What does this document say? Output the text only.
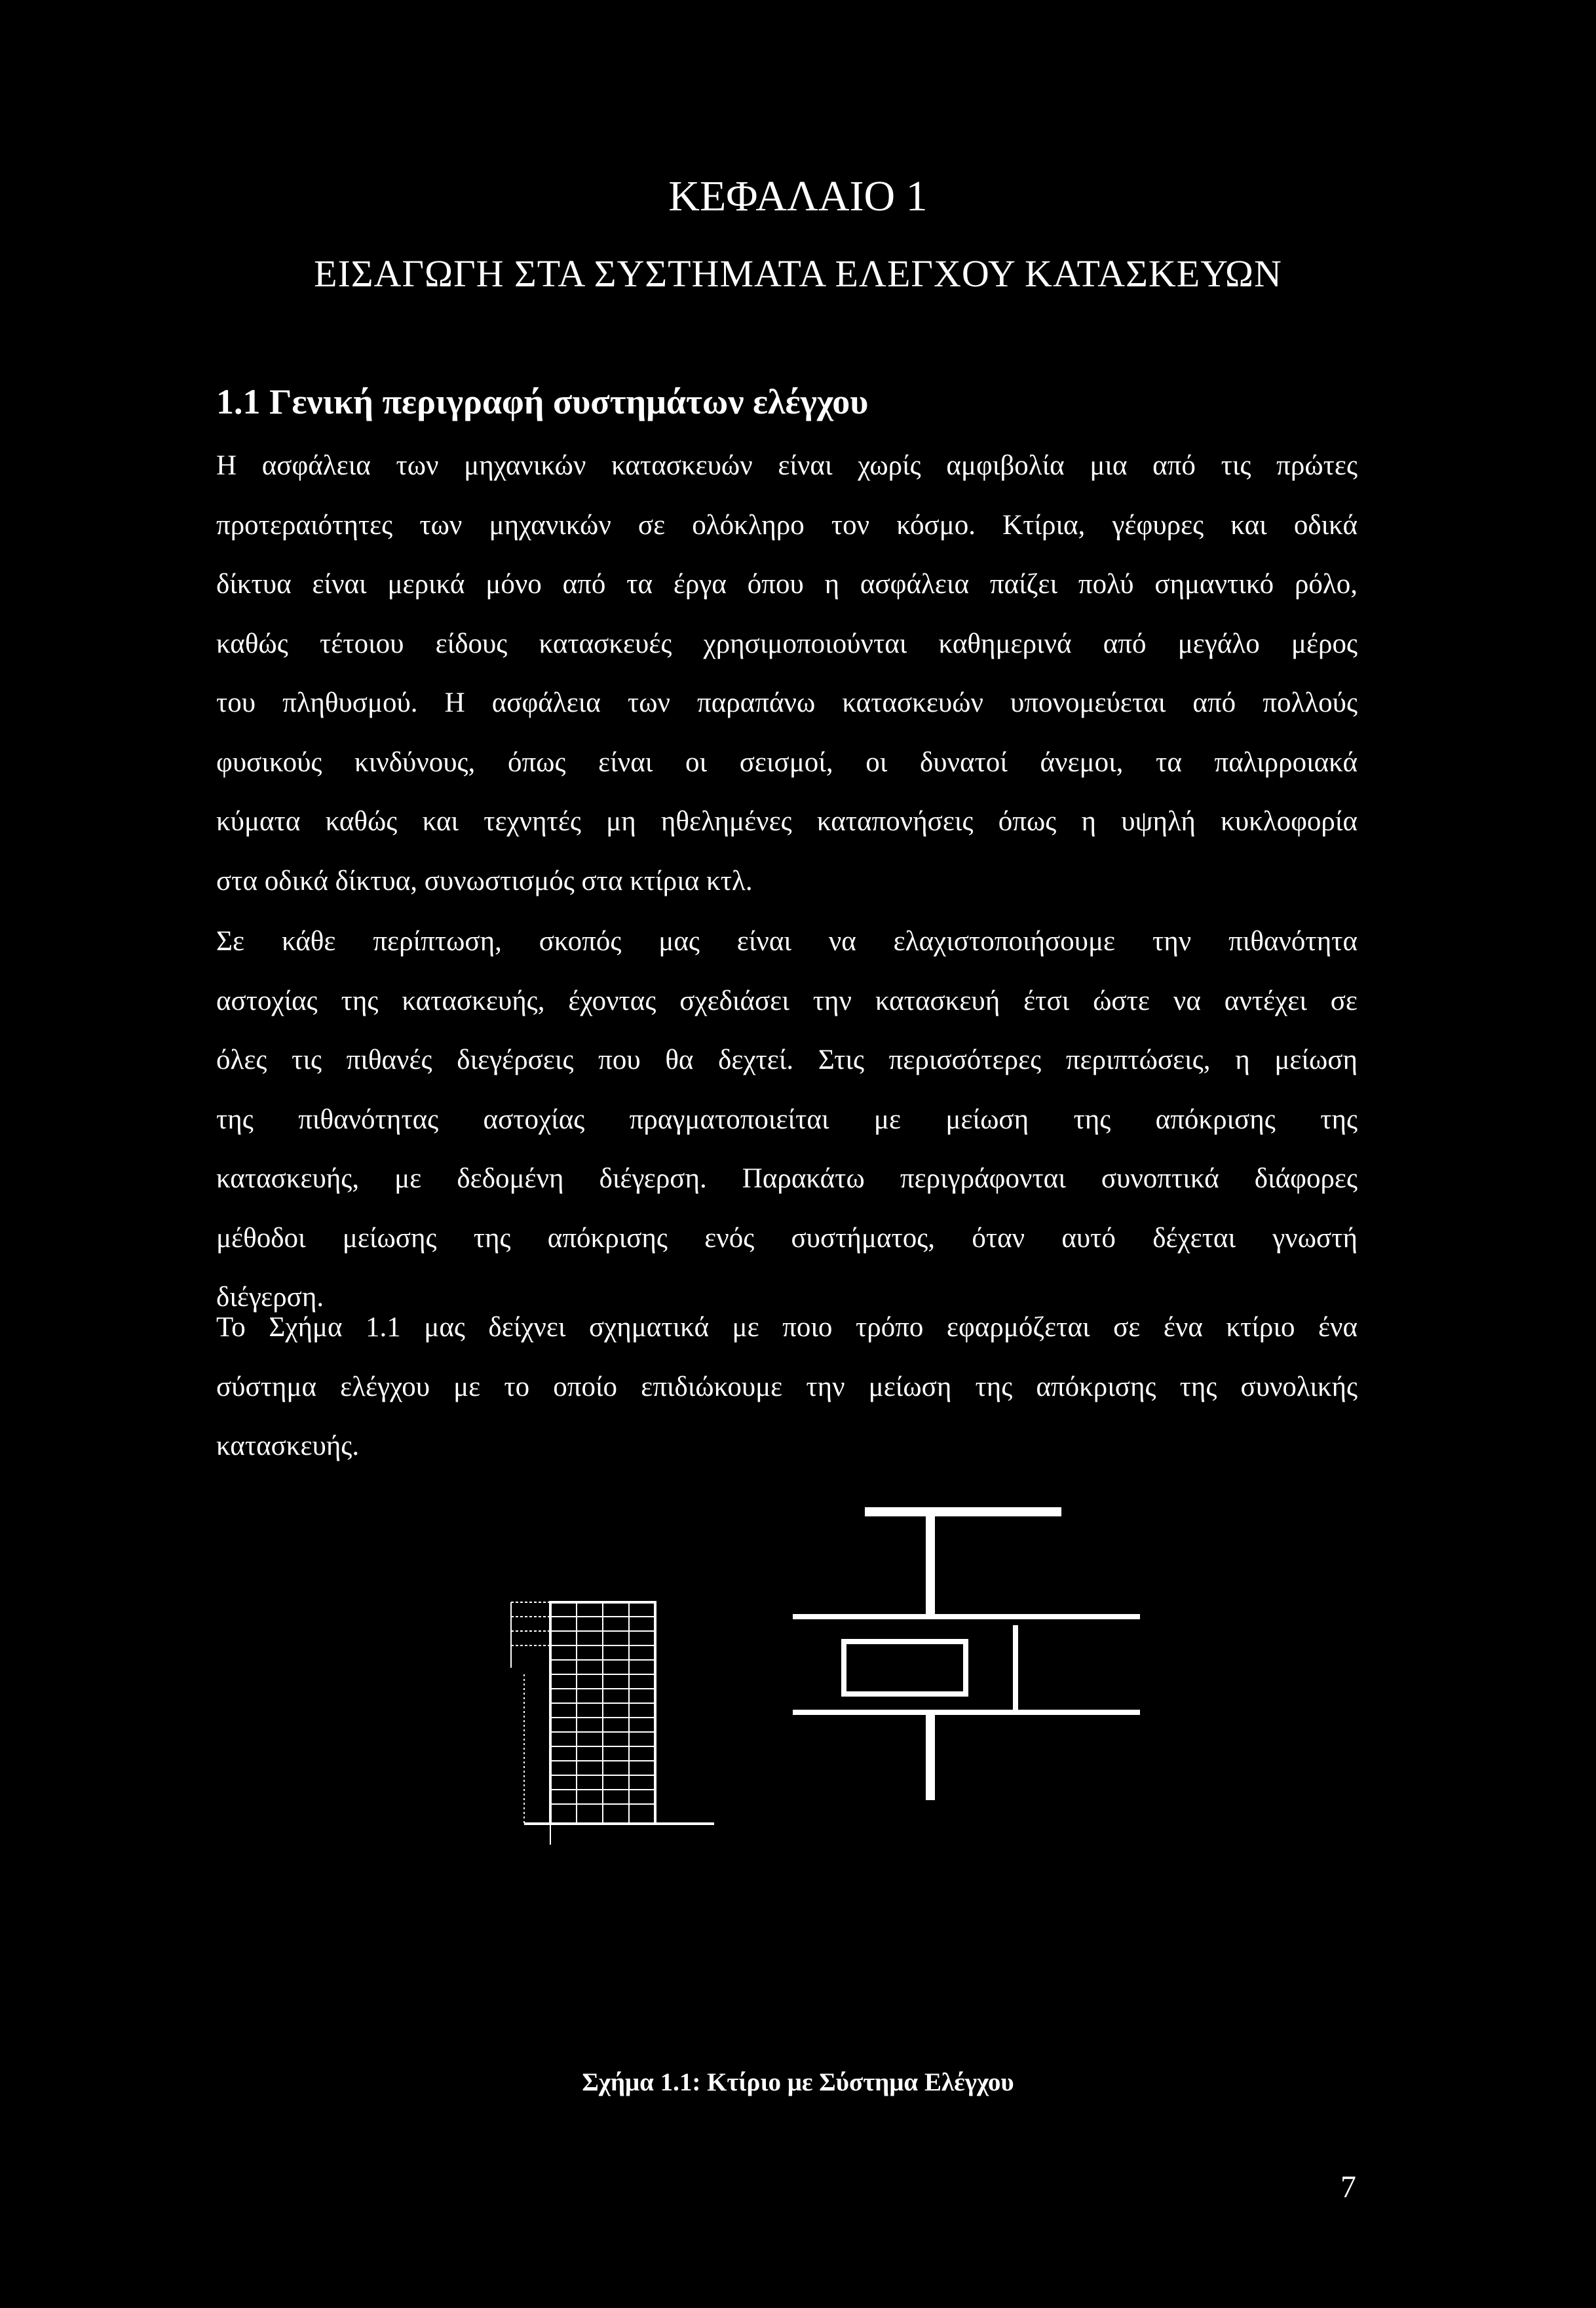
ΚΕΦΑΛΑΙΟ 1
ΕΙΣΑΓΩΓΗ ΣΤΑ ΣΥΣΤΗΜΑΤΑ ΕΛΕΓΧΟΥ ΚΑΤΑΣΚΕΥΩΝ
1.1 Γενική περιγραφή συστημάτων ελέγχου
Η ασφάλεια των μηχανικών κατασκευών είναι χωρίς αμφιβολία μια από τις πρώτες
προτεραιότητες των μηχανικών σε ολόκληρο τον κόσμο. Κτίρια, γέφυρες και οδικά
δίκτυα είναι μερικά μόνο από τα έργα όπου η ασφάλεια παίζει πολύ σημαντικό ρόλο,
καθώς τέτοιου είδους κατασκευές χρησιμοποιούνται καθημερινά από μεγάλο μέρος
του πληθυσμού. Η ασφάλεια των παραπάνω κατασκευών υπονομεύεται από πολλούς
φυσικούς κινδύνους, όπως είναι οι σεισμοί, οι δυνατοί άνεμοι, τα παλιρροιακά
κύματα καθώς και τεχνητές μη ηθελημένες καταπονήσεις όπως η υψηλή κυκλοφορία
στα οδικά δίκτυα, συνωστισμός στα κτίρια κτλ.
Σε κάθε περίπτωση, σκοπός μας είναι να ελαχιστοποιήσουμε την πιθανότητα
αστοχίας της κατασκευής, έχοντας σχεδιάσει την κατασκευή έτσι ώστε να αντέχει σε
όλες τις πιθανές διεγέρσεις που θα δεχτεί. Στις περισσότερες περιπτώσεις, η μείωση
της πιθανότητας αστοχίας πραγματοποιείται με μείωση της απόκρισης της
κατασκευής, με δεδομένη διέγερση. Παρακάτω περιγράφονται συνοπτικά διάφορες
μέθοδοι μείωσης της απόκρισης ενός συστήματος, όταν αυτό δέχεται γνωστή
διέγερση.
Το Σχήμα 1.1 μας δείχνει σχηματικά με ποιο τρόπο εφαρμόζεται σε ένα κτίριο ένα
σύστημα ελέγχου με το οποίο επιδιώκουμε την μείωση της απόκρισης της συνολικής
κατασκευής.
Σχήμα 1.1: Κτίριο με Σύστημα Ελέγχου
7
